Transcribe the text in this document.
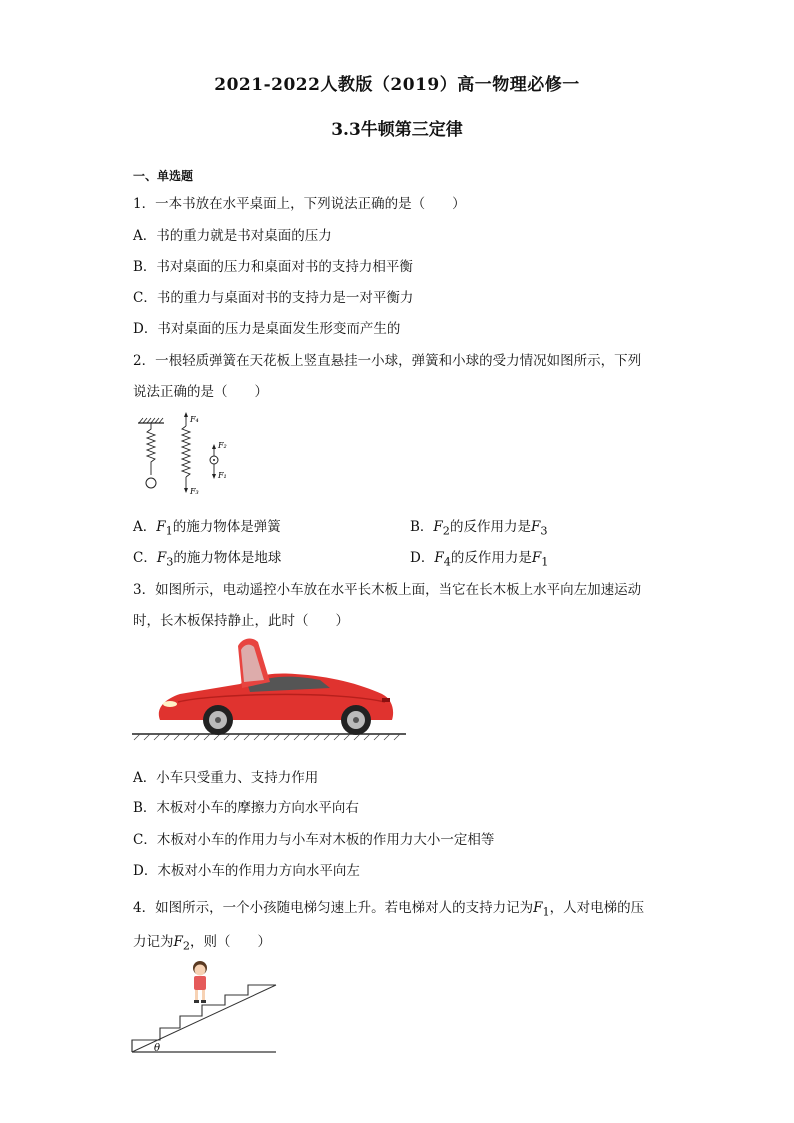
2021-2022人教版（2019）高一物理必修一
3.3牛顿第三定律
一、单选题
1．一本书放在水平桌面上，下列说法正确的是（　　）
A．书的重力就是书对桌面的压力
B．书对桌面的压力和桌面对书的支持力相平衡
C．书的重力与桌面对书的支持力是一对平衡力
D．书对桌面的压力是桌面发生形变而产生的
2．一根轻质弹簧在天花板上竖直悬挂一小球，弹簧和小球的受力情况如图所示，下列
说法正确的是（　　）
F₄
F₂
F₁
F₃
A．$F_1$的施力物体是弹簧	B．$F_2$的反作用力是$F_3$
C．$F_3$的施力物体是地球	D．$F_4$的反作用力是$F_1$
3．如图所示，电动遥控小车放在水平长木板上面，当它在长木板上水平向左加速运动
时，长木板保持静止，此时（　　）
A．小车只受重力、支持力作用
B．木板对小车的摩擦力方向水平向右
C．木板对小车的作用力与小车对木板的作用力大小一定相等
D．木板对小车的作用力方向水平向左
4．如图所示，一个小孩随电梯匀速上升。若电梯对人的支持力记为$F_1$，人对电梯的压
力记为$F_2$，则（　　）
θ
